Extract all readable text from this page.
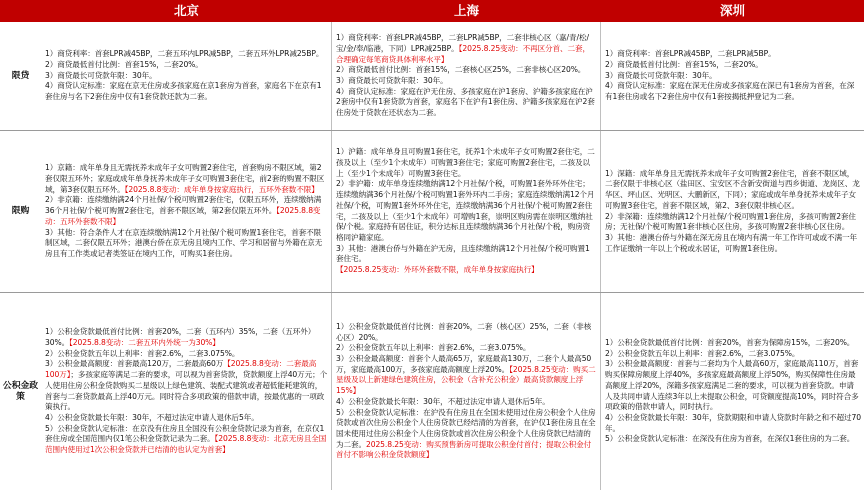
北京	上海	深圳
限贷

1）商贷利率：首套LPR减45BP，二套五环内LPR减5BP，二套五环外LPR减25BP。

2）商贷最低首付比例：首套15%，二套20%。

3）商贷最长可贷款年限：30年。

4）商贷认定标准：家庭在京无住房或多孩家庭在京1套房为首套，家庭名下在京有1套住房与名下2套住房中仅有1套贷款还款为二套。

1）商贷利率：首套LPR减45BP，二套LPR减5BP，二套非核心区（嘉/青/松/宝/金/奉/临港，下同）LPR减25BP。【2025.8.25变动：不再区分首、二套，合理确定每笔商贷具体利率水平】

2）商贷最低首付比例：首套15%，二套核心区25%，二套非核心区20%。

3）商贷最长可贷款年限：30年。

4）商贷认定标准：家庭在沪无住房、多孩家庭在沪1套房、沪籍多孩家庭在沪2套房中仅有1套贷款为首套，家庭名下在沪有1套住房、沪籍多孩家庭在沪2套住房处于贷款在还状态为二套。

1）商贷利率：首套LPR减45BP，二套LPR减5BP。

2）商贷最低首付比例：首套15%，二套20%。

3）商贷最长可贷款年限：30年。

4）商贷认定标准：家庭在深无住房或多孩家庭在深已有1套房为首套，在深有1套住房或名下2套住房中仅有1套按揭抵押登记为二套。

限购

1）京籍：成年单身且无需抚养未成年子女可购置2套住宅，首套购房不限区域，第2套仅限五环外；家庭或成年单身抚养未成年子女可购置3套住宅，前2套的购置不限区域，第3套仅限五环外。【2025.8.8变动：成年单身按家庭执行，五环外套数不限】

2）非京籍：连续缴纳满24个月社保/个税可购置2套住宅，仅限五环外，连续缴纳满36个月社保/个税可购置2套住宅，首套不限区域，第2套仅限五环外。【2025.8.8变动：五环外套数不限】

3）其他：符合条件人才在京连续缴纳满12个月社保/个税可购置1套住宅，首套不限制区域，二套仅限五环外；港澳台侨在京无房且境内工作、学习和居留与外籍在京无房且有工作类或记者类签证在境内工作，可购买1套住房。

1）沪籍：成年单身且可购置1套住宅，抚养1个未成年子女可购置2套住宅，二孩及以上（至少1个未成年）可购置3套住宅；家庭可购置2套住宅，二孩及以上（至少1个未成年）可购置3套住宅。

2）非沪籍：成年单身连续缴纳满12个月社保/个税，可购置1套外环外住宅；连续缴纳满36个月社保/个税可购置1套外环内二手房；家庭连续缴纳满12个月社保/个税，可购置1套外环外住宅，连续缴纳满36个月社保/个税可购置2套住宅，二孩及以上（至少1个未成年）可增购1套，崇明区购房需在崇明区缴纳社保/个税。家庭持有居住证，积分达标且连续缴纳满36个月社保/个税，购房资格同沪籍家庭。

3）其他：港澳台侨与外籍在沪无房，且连续缴纳满12个月社保/个税可购置1套住宅。

【2025.8.25变动：外环外套数不限，成年单身按家庭执行】

1）深籍：成年单身且无需抚养未成年子女可购置2套住宅，首套不限区域，二套仅限于非核心区（盐田区、宝安区不含新安街道与西乡街道、龙岗区、龙华区、坪山区、光明区、大鹏新区，下同）；家庭或成年单身抚养未成年子女可购置3套住宅，首套不限区域，第2、3套仅限非核心区。

2）非深籍：连续缴纳满12个月社保/个税可购置1套住房，多孩可购置2套住房；无社保/个税可购置1套非核心区住房，多孩可购置2套非核心区住房。

3）其他：港澳台侨与外籍在深无房且在境内有满一年工作许可或或不满一年工作证缴纳一年以上个税或永居证，可购置1套住房。

公积金政策

1）公积金贷款最低首付比例：首套20%，二套（五环内）35%，二套（五环外）30%。【2025.8.8变动：二套五环内外统一为30%】

2）公积金贷款五年以上利率：首套2.6%，二套3.075%。

3）公积金最高额度：首套最高120万，二套最高60万【2025.8.8变动：二套最高100万】；多孩家庭等满足二套的要求，可以视为首套贷款，贷款额度上浮40万元；个人使用住房公积金贷款购买二星级以上绿色建筑、装配式建筑或者超低能耗建筑的，首套与二套贷款最高上浮40万元。同时符合多项政策的借款申请，按最优惠的一项政策执行。

4）公积金贷款最长年限：30年，不超过法定申请人退休后5年。

5）公积金贷款认定标准：在京没有住房且全国没有公积金贷款记录为首套，在京仅1套住房或全国范围内仅1笔公积金贷款记录为二套。【2025.8.8变动：北京无房且全国范围内使用过1次公积金贷款并已结清的也认定为首套】

1）公积金贷款最低首付比例：首套20%，二套（核心区）25%，二套（非核心区）20%。

2）公积金贷款五年以上利率：首套2.6%，二套3.075%。

3）公积金最高额度：首套个人最高65万，家庭最高130万，二套个人最高50万，家庭最高100万，多孩家庭最高额度上浮20%。【2025.8.25变动：购买二星级及以上新建绿色建筑住房，公积金（含补充公积金）最高贷款额度上浮15%】

4）公积金贷款最长年限：30年，不超过法定申请人退休后5年。

5）公积金贷款认定标准：在沪没有住房且在全国未使用过住房公积金个人住房贷款或首次住房公积金个人住房贷款已经结清的为首套，在沪仅1套住房且在全国未使用过住房公积金个人住房贷款或首次住房公积金个人住房贷款已结清的为二套。2025.8.25变动：购买预售新房可提取公积金付首付；提取公积金付首付不影响公积金贷款额度】

1）公积金贷款最低首付比例：首套20%，首套为保障房15%，二套20%。

2）公积金贷款五年以上利率：首套2.6%，二套3.075%。

3）公积金最高额度：首套与二套均为个人最高60万，家庭最高110万，首套购买保障房额度上浮40%，多孩家庭最高额度上浮50%，购买保障性住房最高额度上浮20%，深籍多孩家庭满足二套的要求，可以视为首套贷款。申请人及共同申请人连续3年以上未提取公积金，可贷额度提高10%，同时符合多项政策的借款申请人，同时执行。

4）公积金贷款最长年限：30年，贷款期限和申请人贷款时年龄之和不超过70年。

5）公积金贷款认定标准：在深没有住房为首套，在深仅1套住房的为二套。
